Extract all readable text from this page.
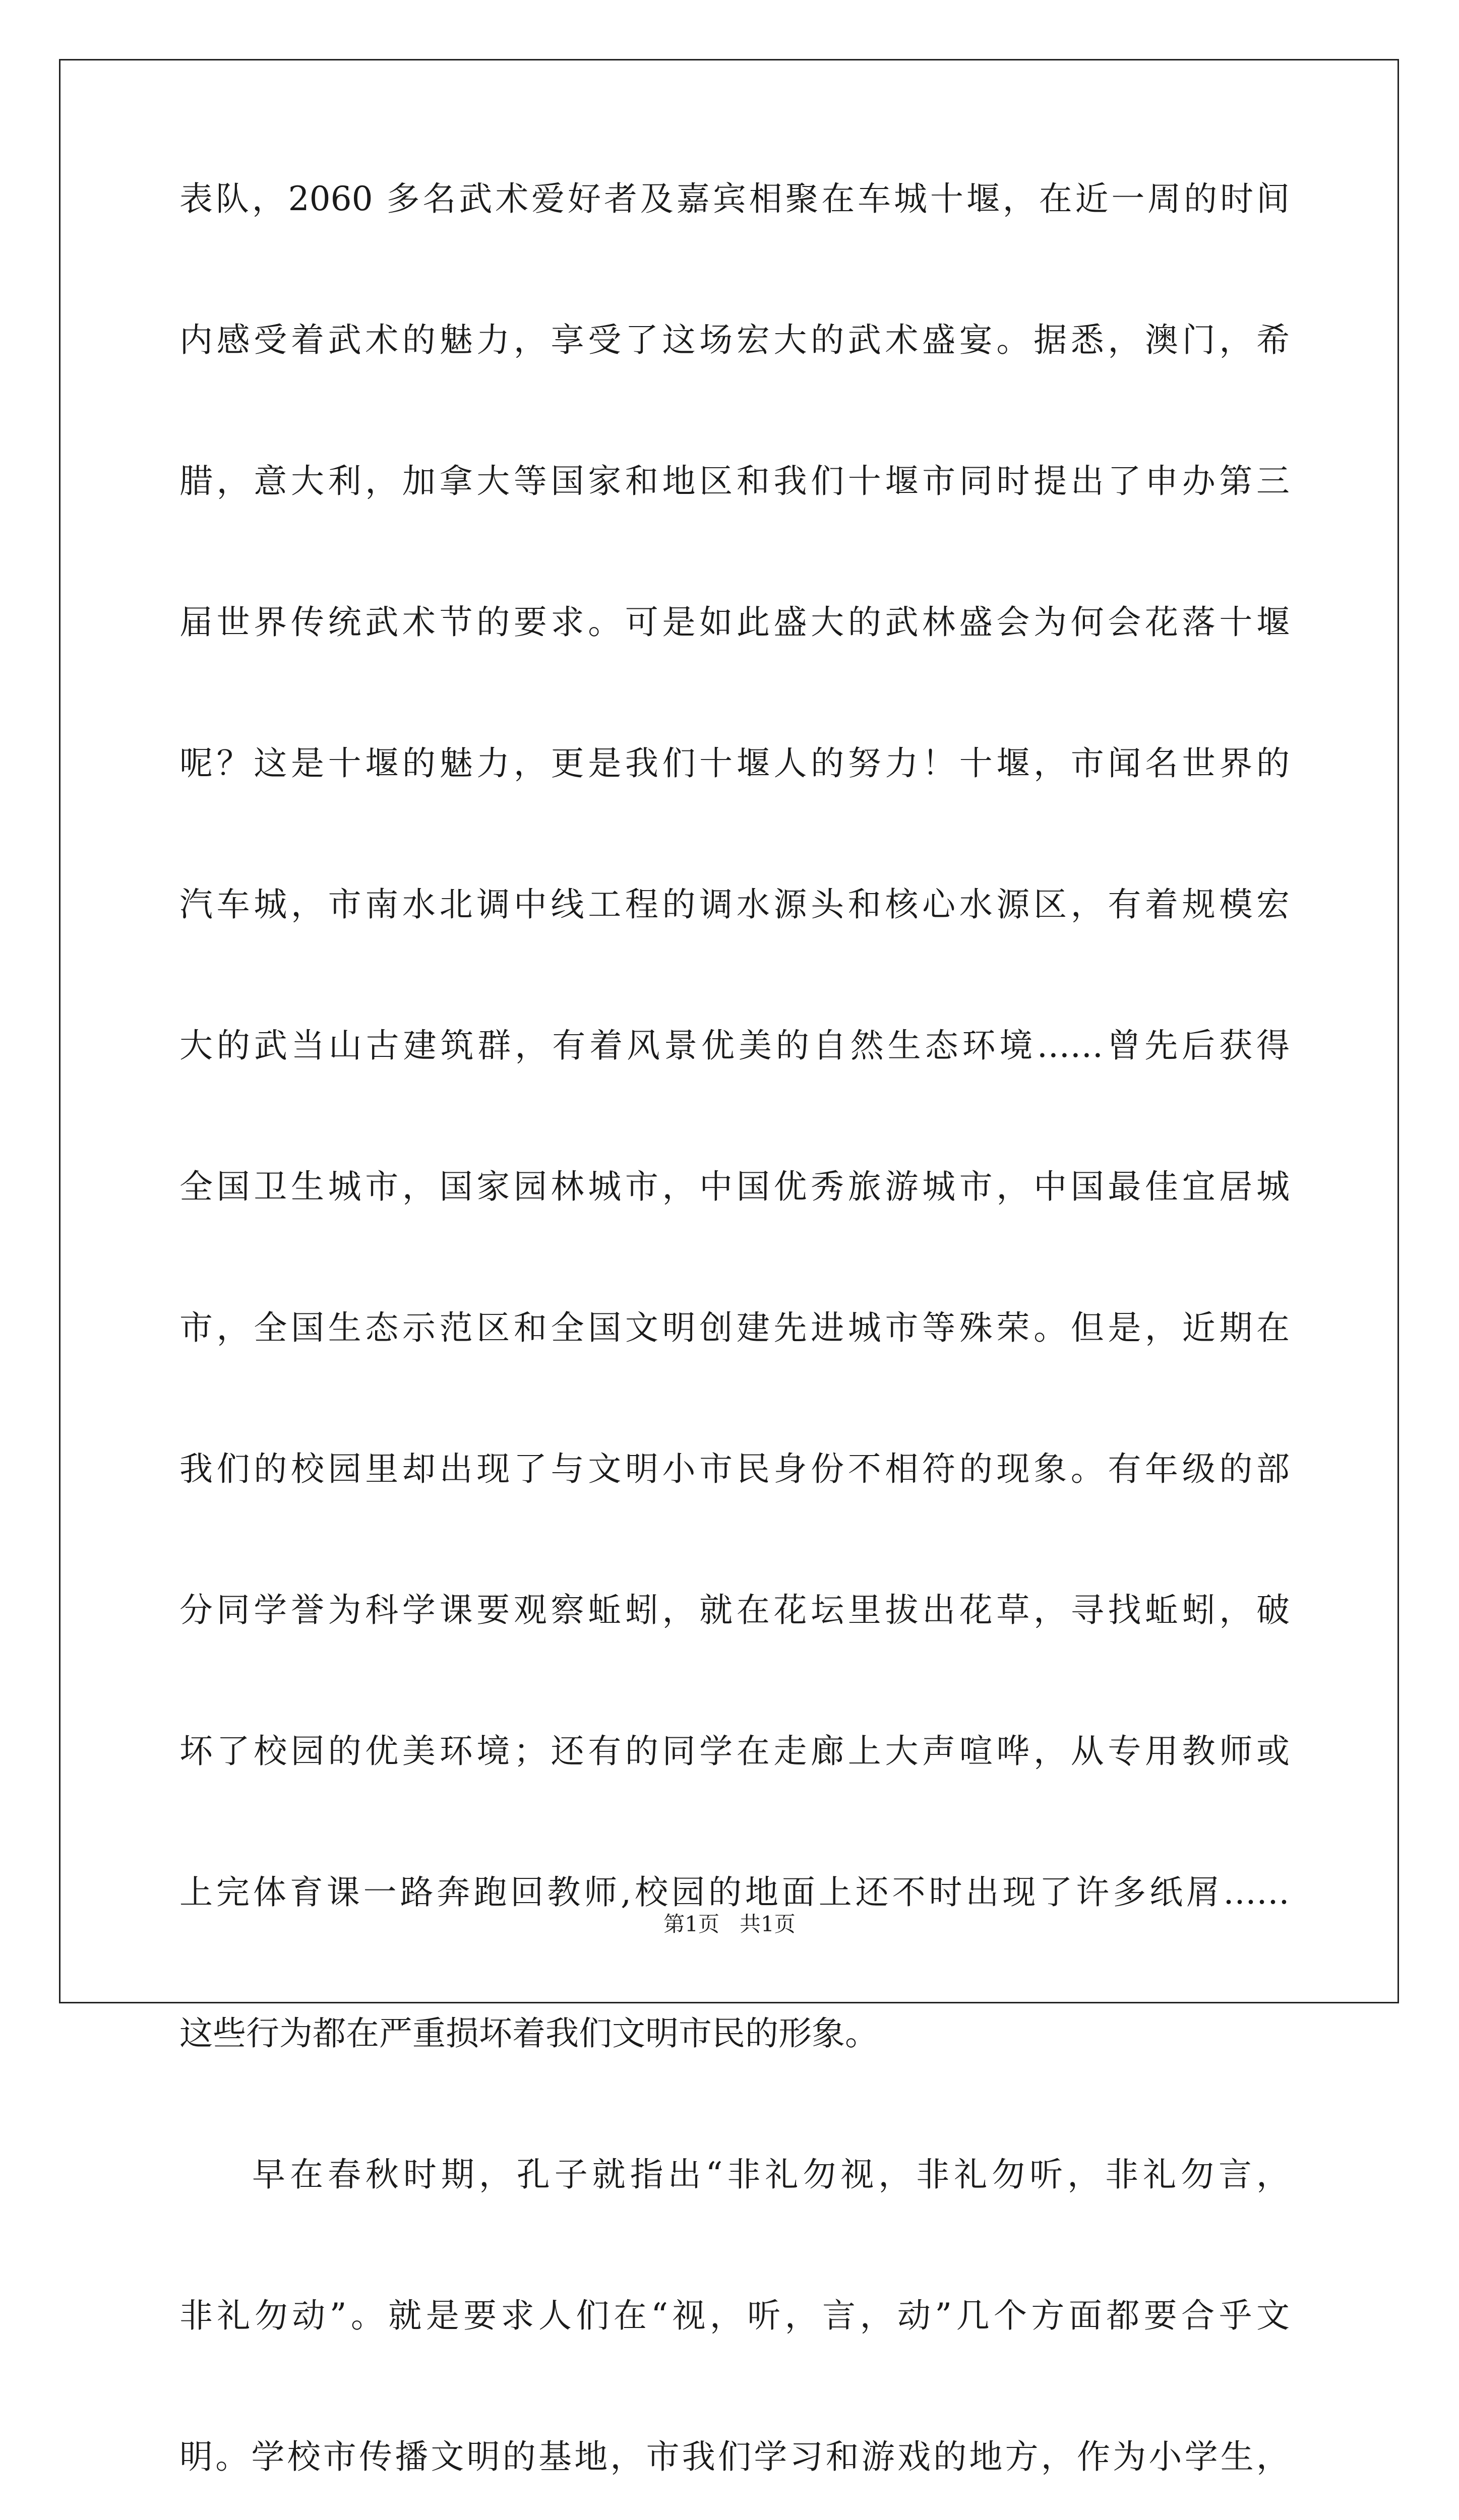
表队，2060 多名武术爱好者及嘉宾相聚在车城十堰，在近一周的时间
内感受着武术的魅力，享受了这场宏大的武术盛宴。据悉，澳门，希
腊，意大利，加拿大等国家和地区和我们十堰市同时提出了申办第三
届世界传统武术节的要求。可是如此盛大的武林盛会为何会花落十堰
呢？这是十堰的魅力，更是我们十堰人的努力！十堰，市闻名世界的
汽车城，市南水北调中线工程的调水源头和核心水源区，有着规模宏
大的武当山古建筑群，有着风景优美的自然生态环境……曾先后获得
全国卫生城市，国家园林城市，中国优秀旅游城市，中国最佳宜居城
市，全国生态示范区和全国文明创建先进城市等殊荣。但是，近期在
我们的校园里却出现了与文明小市民身份不相符的现象。有年级的部
分同学誉为科学课要观察蚯蚓，就在花坛里拔出花草，寻找蚯蚓，破
坏了校园的优美环境；还有的同学在走廊上大声喧哗，从专用教师或
上完体育课一路奔跑回教师,校园的地面上还不时出现了许多纸屑……
这些行为都在严重损坏着我们文明市民的形象。
早在春秋时期，孔子就指出“非礼勿视，非礼勿听，非礼勿言，
非礼勿动”。就是要求人们在“视，听，言，动”几个方面都要合乎文
明。学校市传播文明的基地，市我们学习和游戏的地方，作为小学生，
第1页   共1页
